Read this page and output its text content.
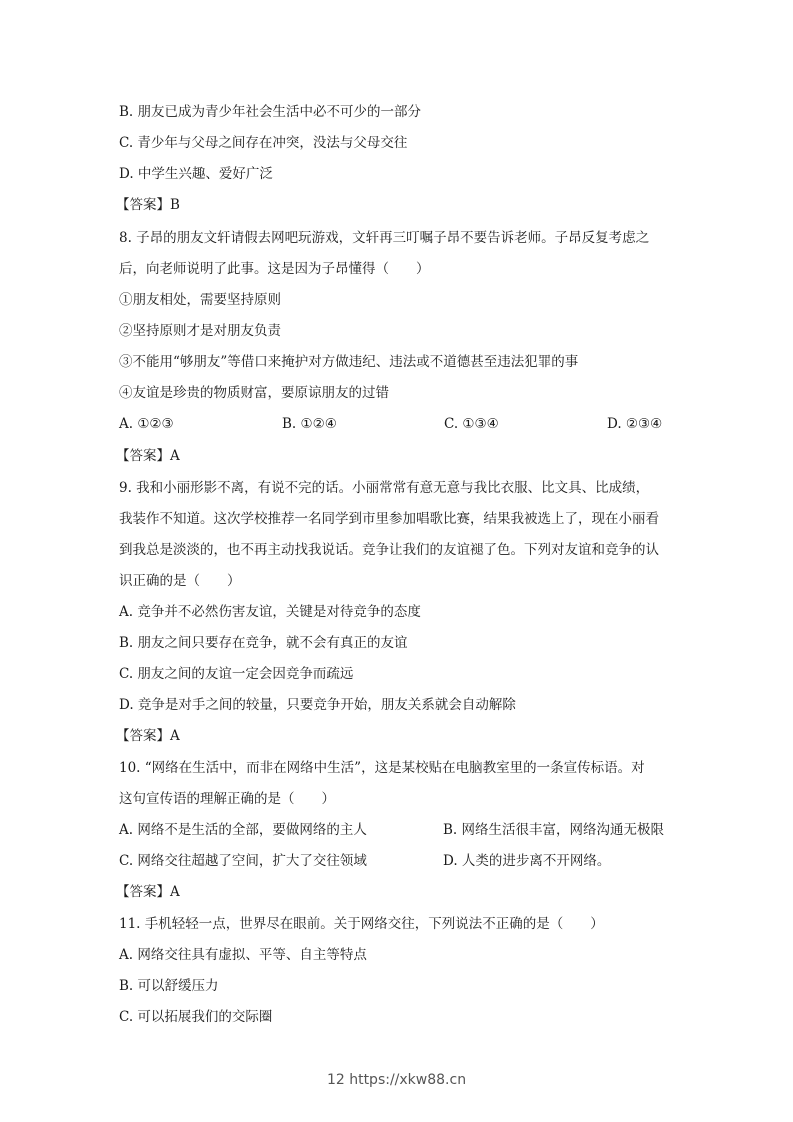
B. 朋友已成为青少年社会生活中必不可少的一部分
C. 青少年与父母之间存在冲突，没法与父母交往
D. 中学生兴趣、爱好广泛
【答案】B
8. 子昂的朋友文轩请假去网吧玩游戏，文轩再三叮嘱子昂不要告诉老师。子昂反复考虑之
后，向老师说明了此事。这是因为子昂懂得（　　）
①朋友相处，需要坚持原则
②坚持原则才是对朋友负责
③不能用“够朋友”等借口来掩护对方做违纪、违法或不道德甚至违法犯罪的事
④友谊是珍贵的物质财富，要原谅朋友的过错
A. ①②③	B. ①②④	C. ①③④	D. ②③④
【答案】A
9. 我和小丽形影不离，有说不完的话。小丽常常有意无意与我比衣服、比文具、比成绩，
我装作不知道。这次学校推荐一名同学到市里参加唱歌比赛，结果我被选上了，现在小丽看
到我总是淡淡的，也不再主动找我说话。竞争让我们的友谊褪了色。下列对友谊和竞争的认
识正确的是（　　）
A. 竞争并不必然伤害友谊，关键是对待竞争的态度
B. 朋友之间只要存在竞争，就不会有真正的友谊
C. 朋友之间的友谊一定会因竞争而疏远
D. 竞争是对手之间的较量，只要竞争开始，朋友关系就会自动解除
【答案】A
10. “网络在生活中，而非在网络中生活”，这是某校贴在电脑教室里的一条宣传标语。对
这句宣传语的理解正确的是（　　）
A. 网络不是生活的全部，要做网络的主人	B. 网络生活很丰富，网络沟通无极限
C. 网络交往超越了空间，扩大了交往领域	D. 人类的进步离不开网络。
【答案】A
11. 手机轻轻一点，世界尽在眼前。关于网络交往，下列说法不正确的是（　　）
A. 网络交往具有虚拟、平等、自主等特点
B. 可以舒缓压力
C. 可以拓展我们的交际圈
12 https://xkw88.cn
